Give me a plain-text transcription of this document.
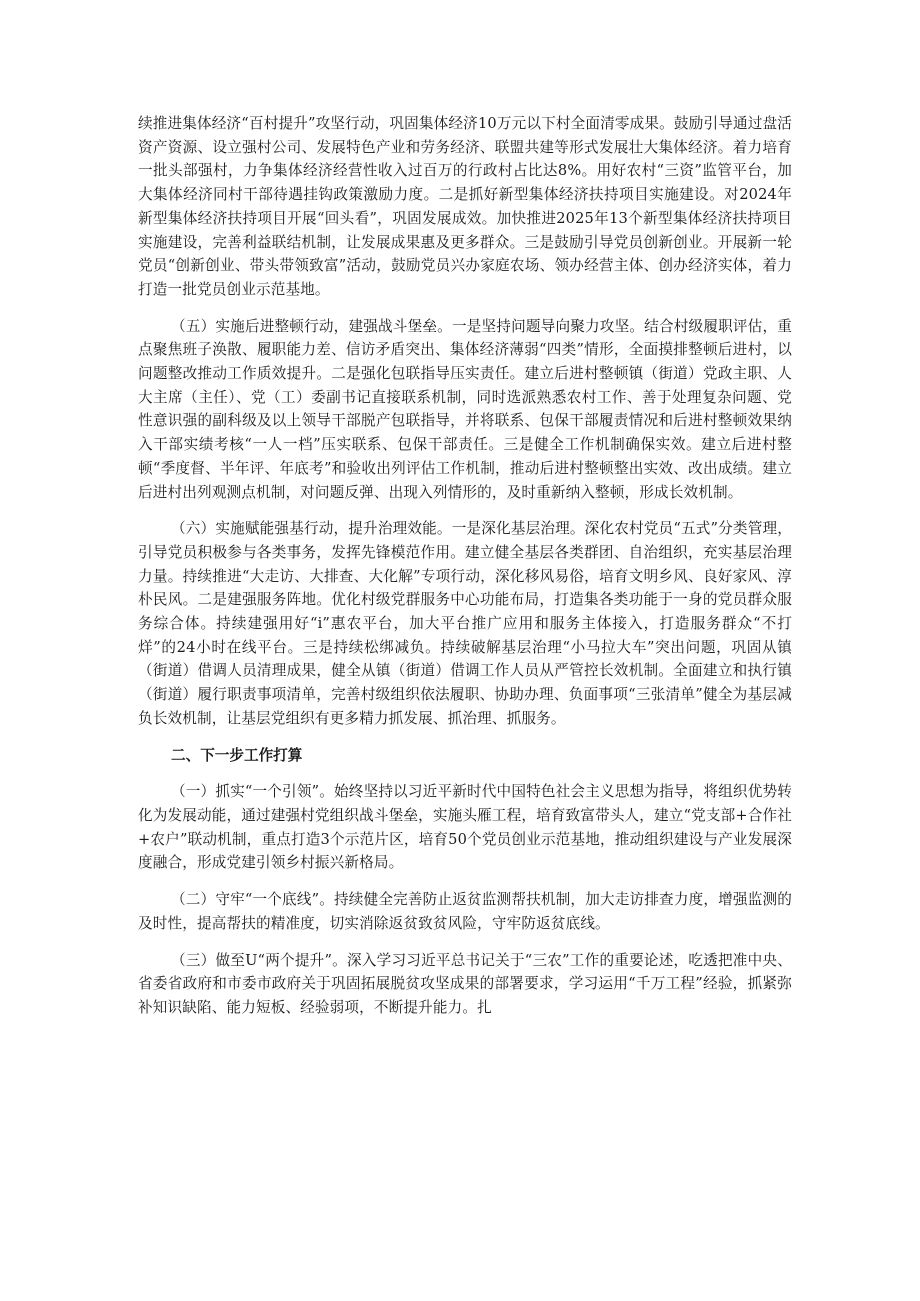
续推进集体经济“百村提升”攻坚行动，巩固集体经济10万元以下村全面清零成果。鼓励引导通过盘活资产资源、设立强村公司、发展特色产业和劳务经济、联盟共建等形式发展壮大集体经济。着力培育一批头部强村，力争集体经济经营性收入过百万的行政村占比达8%。用好农村“三资”监管平台，加大集体经济同村干部待遇挂钩政策激励力度。二是抓好新型集体经济扶持项目实施建设。对2024年新型集体经济扶持项目开展“回头看”，巩固发展成效。加快推进2025年13个新型集体经济扶持项目实施建设，完善利益联结机制，让发展成果惠及更多群众。三是鼓励引导党员创新创业。开展新一轮党员“创新创业、带头带领致富”活动，鼓励党员兴办家庭农场、领办经营主体、创办经济实体，着力打造一批党员创业示范基地。

（五）实施后进整顿行动，建强战斗堡垒。一是坚持问题导向聚力攻坚。结合村级履职评估，重点聚焦班子涣散、履职能力差、信访矛盾突出、集体经济薄弱“四类”情形，全面摸排整顿后进村，以问题整改推动工作质效提升。二是强化包联指导压实责任。建立后进村整顿镇（街道）党政主职、人大主席（主任）、党（工）委副书记直接联系机制，同时选派熟悉农村工作、善于处理复杂问题、党性意识强的副科级及以上领导干部脱产包联指导，并将联系、包保干部履责情况和后进村整顿效果纳入干部实绩考核“一人一档”压实联系、包保干部责任。三是健全工作机制确保实效。建立后进村整顿“季度督、半年评、年底考”和验收出列评估工作机制，推动后进村整顿整出实效、改出成绩。建立后进村出列观测点机制，对问题反弹、出现入列情形的，及时重新纳入整顿，形成长效机制。

（六）实施赋能强基行动，提升治理效能。一是深化基层治理。深化农村党员“五式”分类管理，引导党员积极参与各类事务，发挥先锋模范作用。建立健全基层各类群团、自治组织，充实基层治理力量。持续推进“大走访、大排查、大化解”专项行动，深化移风易俗，培育文明乡风、良好家风、淳朴民风。二是建强服务阵地。优化村级党群服务中心功能布局，打造集各类功能于一身的党员群众服务综合体。持续建强用好“i”惠农平台，加大平台推广应用和服务主体接入，打造服务群众“不打烊”的24小时在线平台。三是持续松绑减负。持续破解基层治理“小马拉大车”突出问题，巩固从镇（街道）借调人员清理成果，健全从镇（街道）借调工作人员从严管控长效机制。全面建立和执行镇（街道）履行职责事项清单，完善村级组织依法履职、协助办理、负面事项“三张清单”健全为基层减负长效机制，让基层党组织有更多精力抓发展、抓治理、抓服务。

二、下一步工作打算

（一）抓实“一个引领”。始终坚持以习近平新时代中国特色社会主义思想为指导，将组织优势转化为发展动能，通过建强村党组织战斗堡垒，实施头雁工程，培育致富带头人，建立“党支部+合作社+农户”联动机制，重点打造3个示范片区，培育50个党员创业示范基地，推动组织建设与产业发展深度融合，形成党建引领乡村振兴新格局。

（二）守牢“一个底线”。持续健全完善防止返贫监测帮扶机制，加大走访排查力度，增强监测的及时性，提高帮扶的精准度，切实消除返贫致贫风险，守牢防返贫底线。

（三）做至U“两个提升”。深入学习习近平总书记关于“三农”工作的重要论述，吃透把准中央、省委省政府和市委市政府关于巩固拓展脱贫攻坚成果的部署要求，学习运用“千万工程”经验，抓紧弥补知识缺陷、能力短板、经验弱项，不断提升能力。扎
